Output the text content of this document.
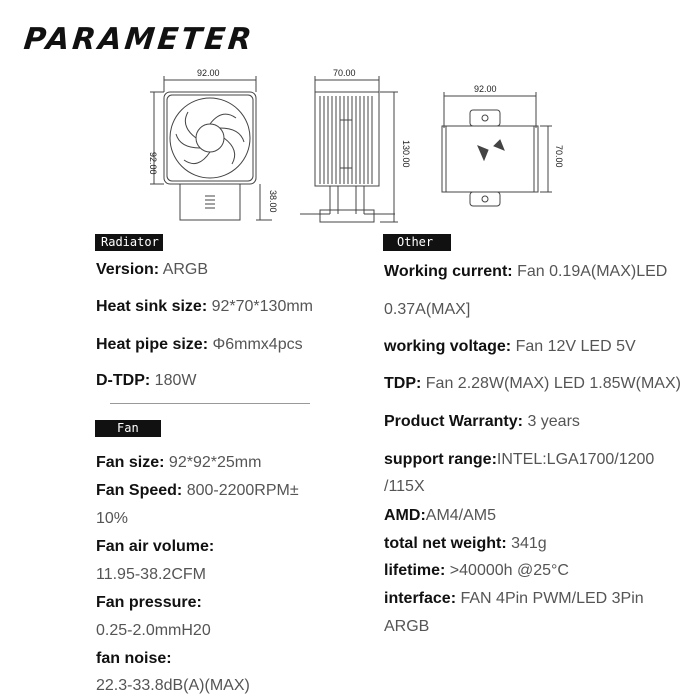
PARAMETER
92.00
92.00
38.00
70.00
130.00
92.00
70.00
Radiator
Version: ARGB
Heat sink size: 92*70*130mm
Heat pipe size: Φ6mmx4pcs
D-TDP: 180W
Fan
Fan size: 92*92*25mm
Fan Speed: 800-2200RPM±
10%
Fan air volume:
11.95-38.2CFM
Fan pressure:
0.25-2.0mmH20
fan noise:
22.3-33.8dB(A)(MAX)
Other
Working current: Fan 0.19A(MAX)LED
0.37A(MAX]
working voltage: Fan 12V LED 5V
TDP: Fan 2.28W(MAX) LED 1.85W(MAX)
Product Warranty: 3 years
support range:INTEL:LGA1700/1200
/115X
AMD:AM4/AM5
total net weight: 341g
lifetime: >40000h @25°C
interface: FAN 4Pin PWM/LED 3Pin
ARGB
